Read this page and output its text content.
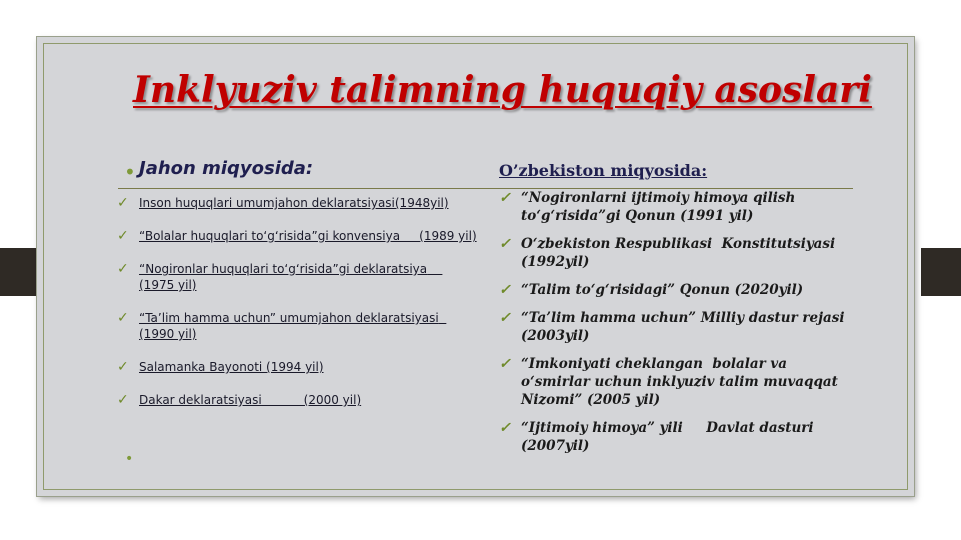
Inklyuziv talimning huquqiy asoslari
• Jahon miqyosida:	O’zbekiston miqyosida:
✓ Inson huquqlari umumjahon deklaratsiyasi(1948yil)
✓ “Bolalar huquqlari to‘g‘risida”gi konvensiya     (1989 yil)
✓ “Nogironlar huquqlari to‘g‘risida”gi deklaratsiya    (1975 yil)
✓ “Ta’lim hamma uchun” umumjahon deklaratsiyasi  (1990 yil)
✓ Salamanka Bayonoti (1994 yil)
✓ Dakar deklaratsiyasi           (2000 yil)
•
✓ “Nogironlarni ijtimoiy himoya qilish to‘g‘risida”gi Qonun (1991 yil)
✓ O‘zbekiston Respublikasi  Konstitutsiyasi (1992yil)
✓ “Talim to‘g‘risidagi” Qonun (2020yil)
✓ “Ta’lim hamma uchun” Milliy dastur rejasi (2003yil)
✓ “Imkoniyati cheklangan  bolalar va o‘smirlar uchun inklyuziv talim muvaqqat Nizomi” (2005 yil)
✓ “Ijtimoiy himoya” yili     Davlat dasturi (2007yil)
